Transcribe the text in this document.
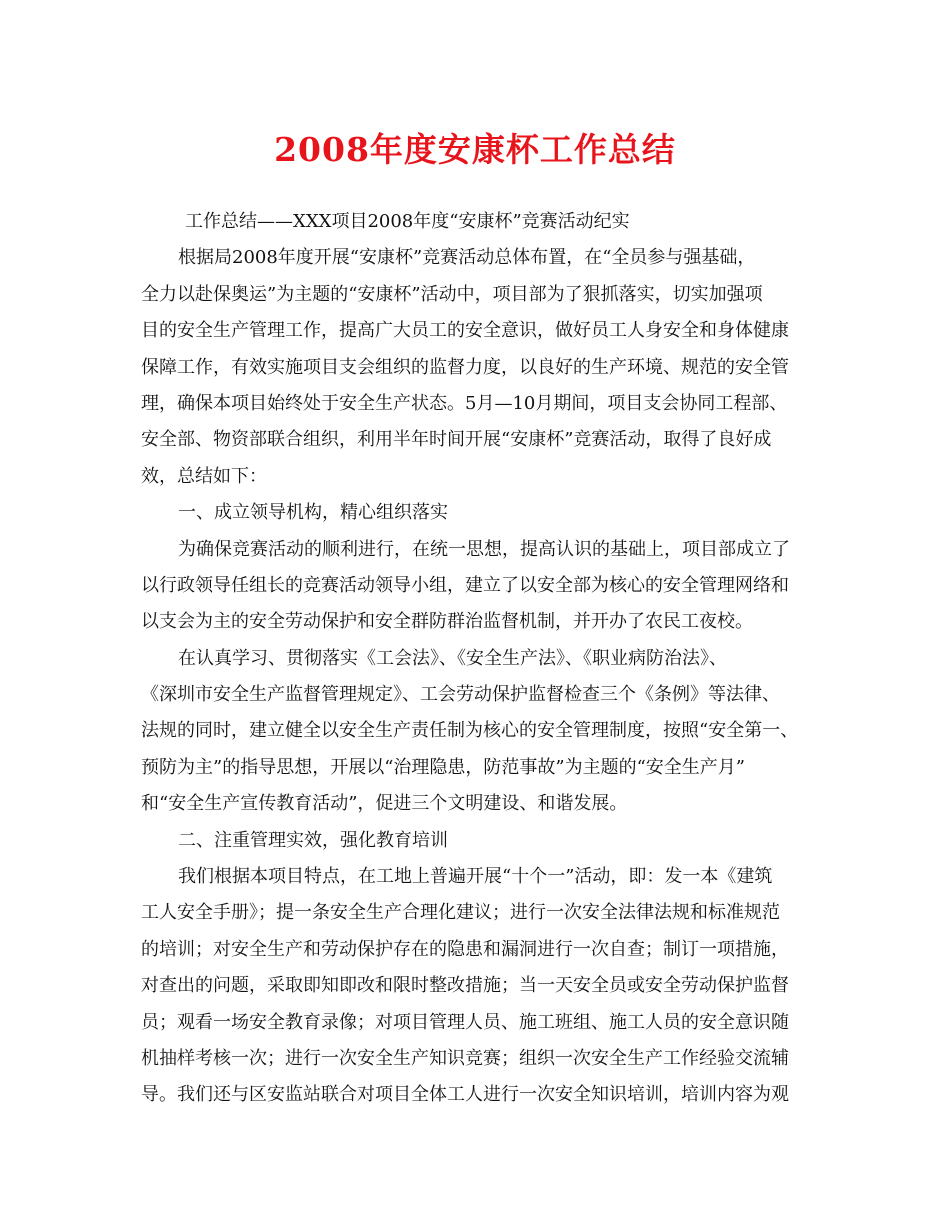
2008年度安康杯工作总结
工作总结——XXX项目2008年度“安康杯”竞赛活动纪实
根据局2008年度开展“安康杯”竞赛活动总体布置，在“全员参与强基础，
全力以赴保奥运”为主题的“安康杯”活动中，项目部为了狠抓落实，切实加强项
目的安全生产管理工作，提高广大员工的安全意识，做好员工人身安全和身体健康
保障工作，有效实施项目支会组织的监督力度，以良好的生产环境、规范的安全管
理，确保本项目始终处于安全生产状态。5月—10月期间，项目支会协同工程部、
安全部、物资部联合组织，利用半年时间开展“安康杯”竞赛活动，取得了良好成
效，总结如下：
一、成立领导机构，精心组织落实
为确保竞赛活动的顺利进行，在统一思想，提高认识的基础上，项目部成立了
以行政领导任组长的竞赛活动领导小组，建立了以安全部为核心的安全管理网络和
以支会为主的安全劳动保护和安全群防群治监督机制，并开办了农民工夜校。
在认真学习、贯彻落实《工会法》、《安全生产法》、《职业病防治法》、
《深圳市安全生产监督管理规定》、工会劳动保护监督检查三个《条例》等法律、
法规的同时，建立健全以安全生产责任制为核心的安全管理制度，按照“安全第一、
预防为主”的指导思想，开展以“治理隐患，防范事故”为主题的“安全生产月”
和“安全生产宣传教育活动”，促进三个文明建设、和谐发展。
二、注重管理实效，强化教育培训
我们根据本项目特点，在工地上普遍开展“十个一”活动，即：发一本《建筑
工人安全手册》；提一条安全生产合理化建议；进行一次安全法律法规和标准规范
的培训；对安全生产和劳动保护存在的隐患和漏洞进行一次自查；制订一项措施，
对查出的问题，采取即知即改和限时整改措施；当一天安全员或安全劳动保护监督
员；观看一场安全教育录像；对项目管理人员、施工班组、施工人员的安全意识随
机抽样考核一次；进行一次安全生产知识竞赛；组织一次安全生产工作经验交流辅
导。我们还与区安监站联合对项目全体工人进行一次安全知识培训，培训内容为观
